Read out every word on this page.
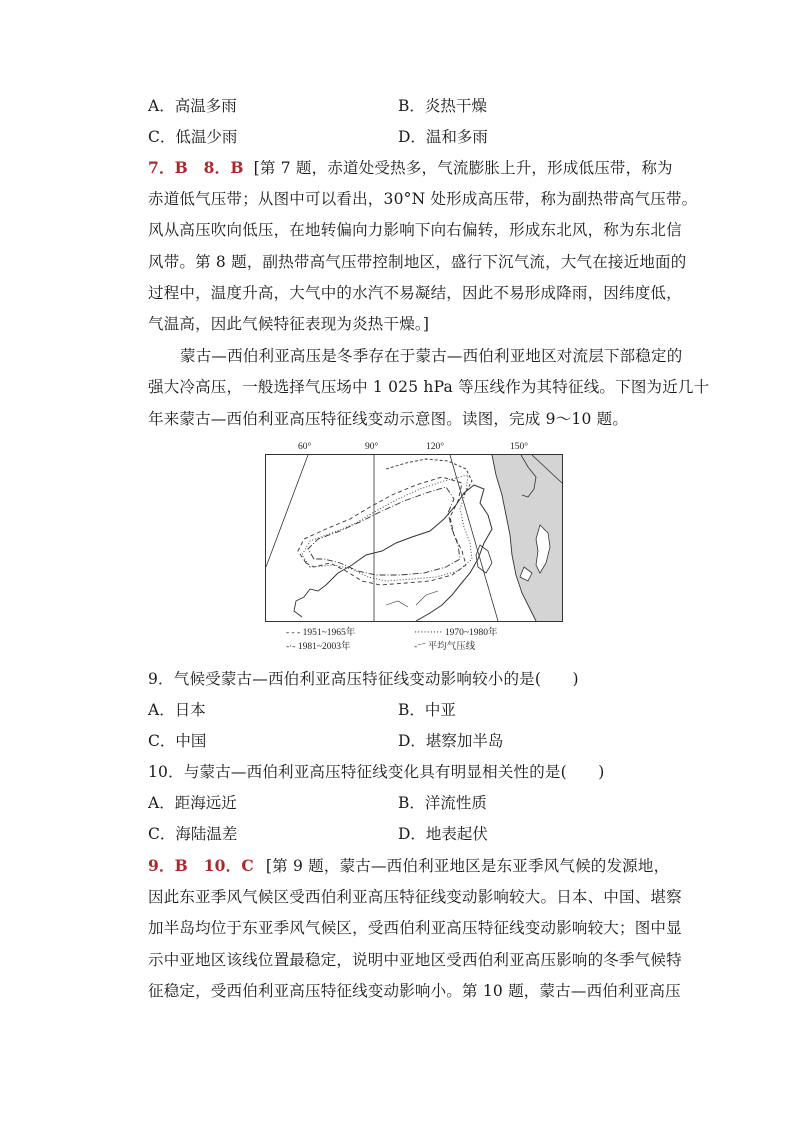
A．高温多雨	B．炎热干燥
C．低温少雨	D．温和多雨
7．B　8．B [第 7 题，赤道处受热多，气流膨胀上升，形成低压带，称为
赤道低气压带；从图中可以看出，30°N 处形成高压带，称为副热带高气压带。
风从高压吹向低压，在地转偏向力影响下向右偏转，形成东北风，称为东北信
风带。第 8 题，副热带高气压带控制地区，盛行下沉气流，大气在接近地面的
过程中，温度升高，大气中的水汽不易凝结，因此不易形成降雨，因纬度低，
气温高，因此气候特征表现为炎热干燥。]
蒙古—西伯利亚高压是冬季存在于蒙古—西伯利亚地区对流层下部稳定的
强大冷高压，一般选择气压场中 1 025 hPa 等压线作为其特征线。下图为近几十
年来蒙古—西伯利亚高压特征线变动示意图。读图，完成 9～10 题。
60°	90°	120°	150°
- - - 1951~1965年	········· 1970~1980年
-·- 1981~2003年	-⁻ˉ 平均气压线
9．气候受蒙古—西伯利亚高压特征线变动影响较小的是(　　)
A．日本	B．中亚
C．中国	D．堪察加半岛
10．与蒙古—西伯利亚高压特征线变化具有明显相关性的是(　　)
A．距海远近	B．洋流性质
C．海陆温差	D．地表起伏
9．B　10．C [第 9 题，蒙古—西伯利亚地区是东亚季风气候的发源地，
因此东亚季风气候区受西伯利亚高压特征线变动影响较大。日本、中国、堪察
加半岛均位于东亚季风气候区，受西伯利亚高压特征线变动影响较大；图中显
示中亚地区该线位置最稳定，说明中亚地区受西伯利亚高压影响的冬季气候特
征稳定，受西伯利亚高压特征线变动影响小。第 10 题，蒙古—西伯利亚高压
